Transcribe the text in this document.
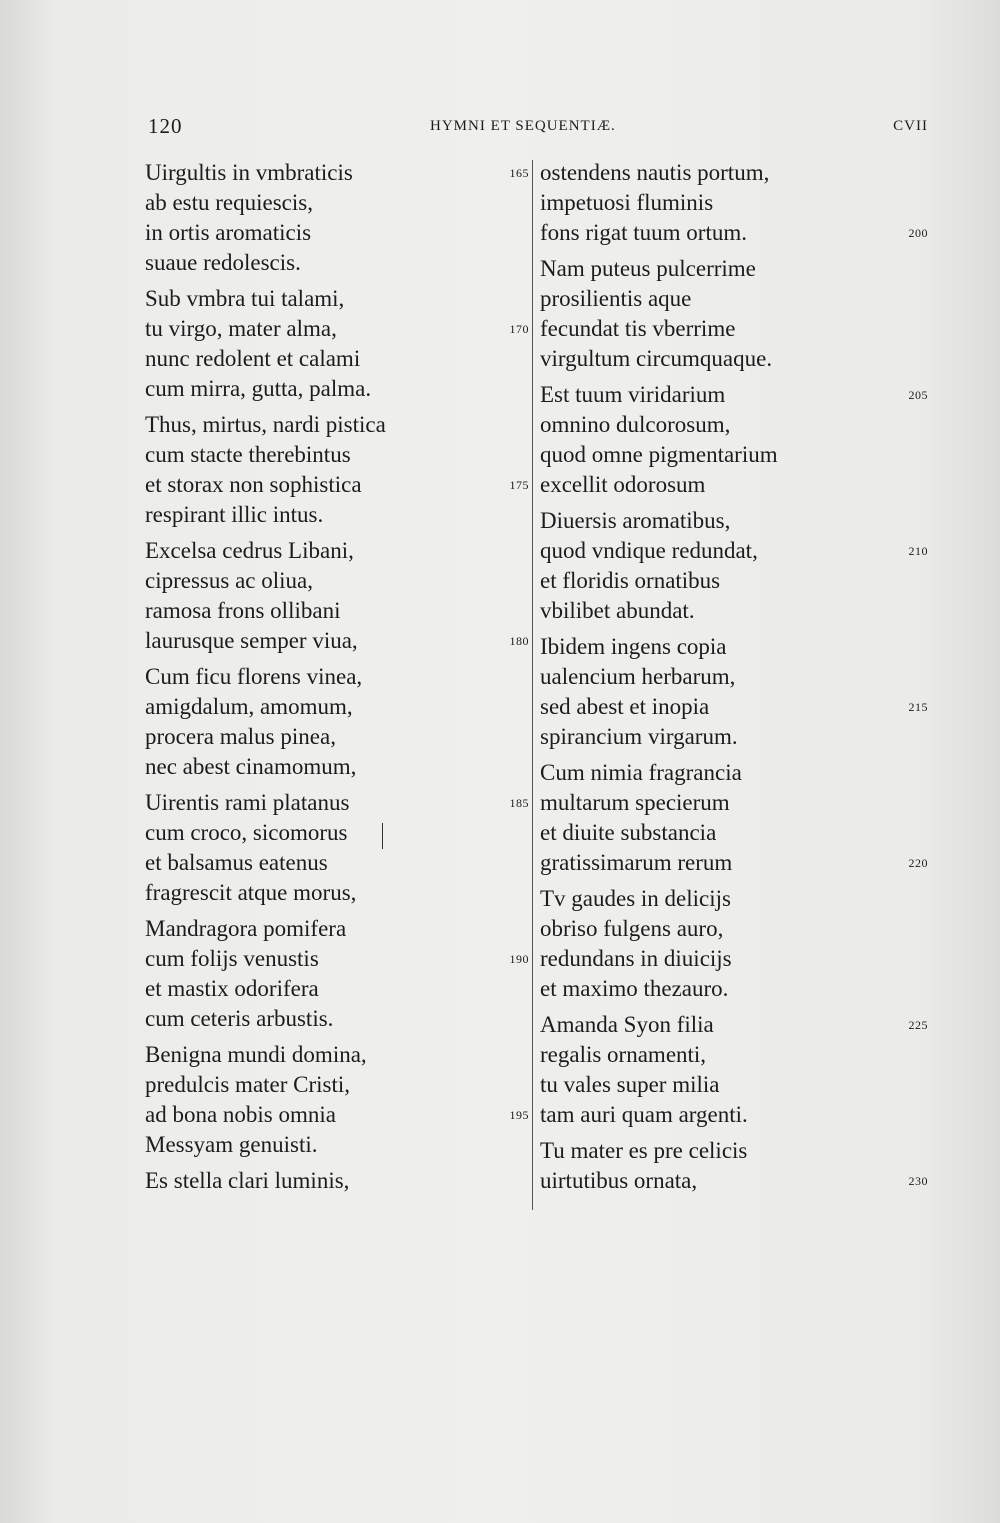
120	HYMNI ET SEQUENTIÆ.	CVII
Uirgultis in vmbraticis	165
ab estu requiescis,
in ortis aromaticis
suaue redolescis.
Sub vmbra tui talami,
tu virgo, mater alma,	170
nunc redolent et calami
cum mirra, gutta, palma.
Thus, mirtus, nardi pistica
cum stacte therebintus
et storax non sophistica	175
respirant illic intus.
Excelsa cedrus Libani,
cipressus ac oliua,
ramosa frons ollibani
laurusque semper viua,	180
Cum ficu florens vinea,
amigdalum, amomum,
procera malus pinea,
nec abest cinamomum,
Uirentis rami platanus	185
cum croco, sicomorus
et balsamus eatenus
fragrescit atque morus,
Mandragora pomifera
cum folijs venustis	190
et mastix odorifera
cum ceteris arbustis.
Benigna mundi domina,
predulcis mater Cristi,
ad bona nobis omnia	195
Messyam genuisti.
Es stella clari luminis,
ostendens nautis portum,
impetuosi fluminis
fons rigat tuum ortum.	200
Nam puteus pulcerrime
prosilientis aque
fecundat tis vberrime
virgultum circumquaque.
Est tuum viridarium	205
omnino dulcorosum,
quod omne pigmentarium
excellit odorosum
Diuersis aromatibus,
quod vndique redundat,	210
et floridis ornatibus
vbilibet abundat.
Ibidem ingens copia
ualencium herbarum,
sed abest et inopia	215
spirancium virgarum.
Cum nimia fragrancia
multarum specierum
et diuite substancia
gratissimarum rerum	220
Tv gaudes in delicijs
obriso fulgens auro,
redundans in diuicijs
et maximo thezauro.
Amanda Syon filia	225
regalis ornamenti,
tu vales super milia
tam auri quam argenti.
Tu mater es pre celicis
uirtutibus ornata,	230
